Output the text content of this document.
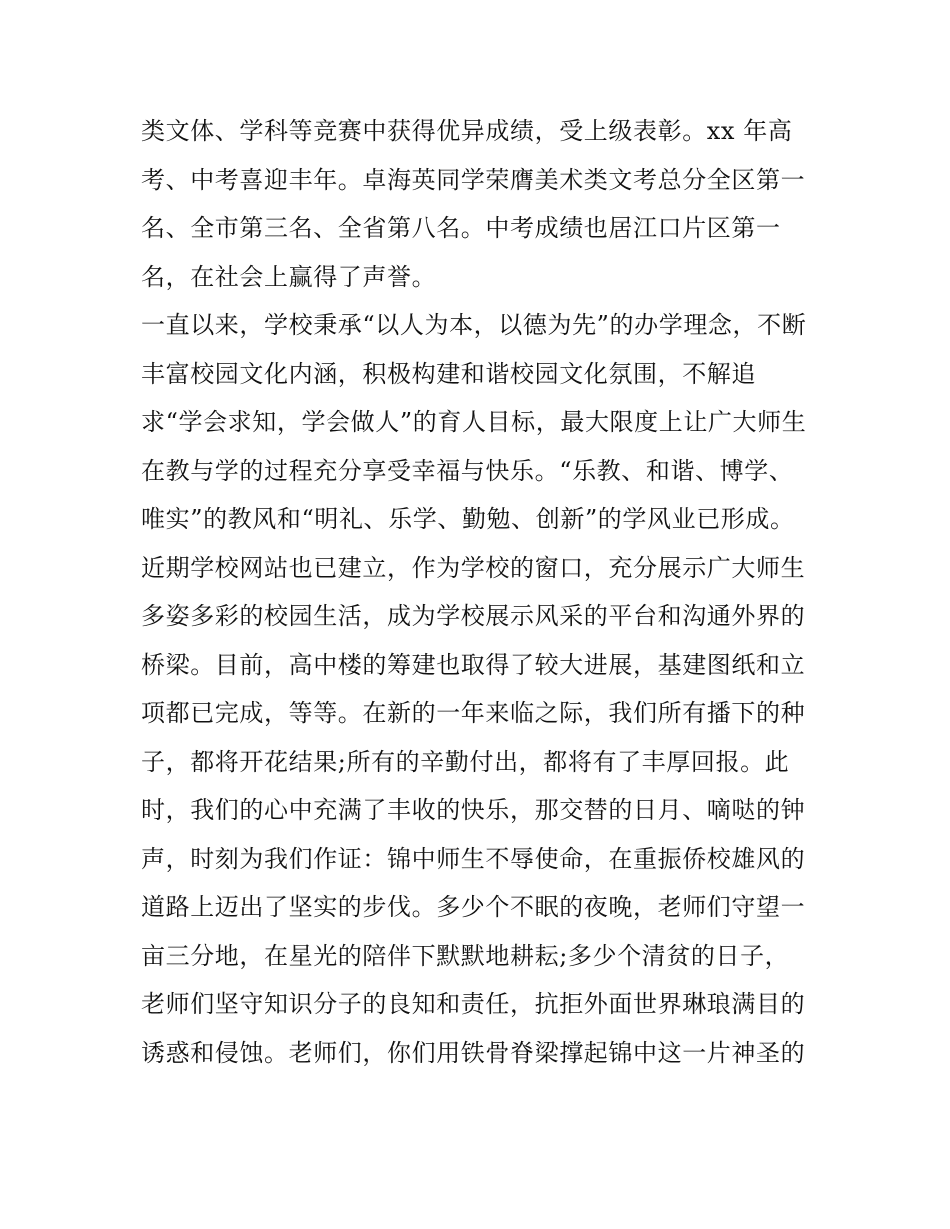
类文体、学科等竞赛中获得优异成绩，受上级表彰。xx 年高
考、中考喜迎丰年。卓海英同学荣膺美术类文考总分全区第一
名、全市第三名、全省第八名。中考成绩也居江口片区第一
名，在社会上赢得了声誉。
一直以来，学校秉承“以人为本，以德为先”的办学理念，不断
丰富校园文化内涵，积极构建和谐校园文化氛围，不解追
求“学会求知，学会做人”的育人目标，最大限度上让广大师生
在教与学的过程充分享受幸福与快乐。“乐教、和谐、博学、
唯实”的教风和“明礼、乐学、勤勉、创新”的学风业已形成。
近期学校网站也已建立，作为学校的窗口，充分展示广大师生
多姿多彩的校园生活，成为学校展示风采的平台和沟通外界的
桥梁。目前，高中楼的筹建也取得了较大进展，基建图纸和立
项都已完成，等等。在新的一年来临之际，我们所有播下的种
子，都将开花结果;所有的辛勤付出，都将有了丰厚回报。此
时，我们的心中充满了丰收的快乐，那交替的日月、嘀哒的钟
声，时刻为我们作证：锦中师生不辱使命，在重振侨校雄风的
道路上迈出了坚实的步伐。多少个不眠的夜晚，老师们守望一
亩三分地，在星光的陪伴下默默地耕耘;多少个清贫的日子，
老师们坚守知识分子的良知和责任，抗拒外面世界琳琅满目的
诱惑和侵蚀。老师们，你们用铁骨脊梁撑起锦中这一片神圣的
